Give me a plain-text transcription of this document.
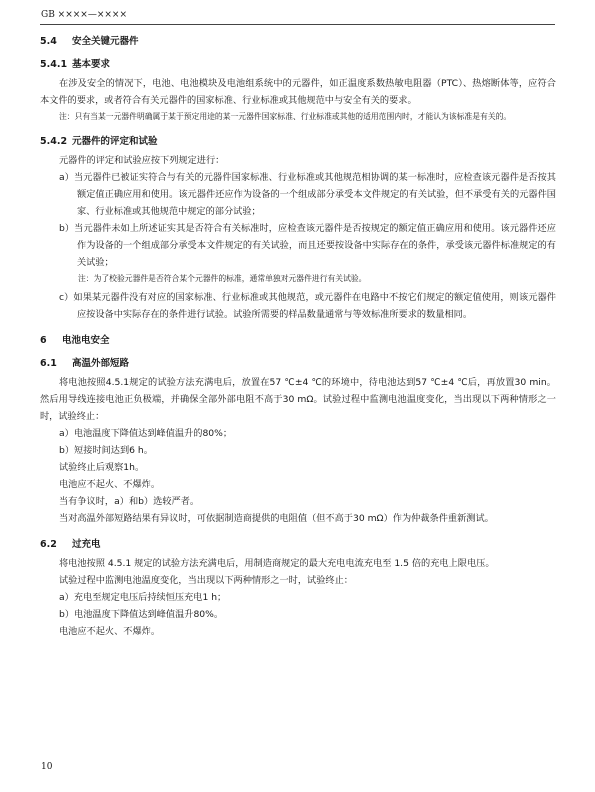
GB ××××—××××
5.4 安全关键元器件
5.4.1 基本要求

在涉及安全的情况下，电池、电池模块及电池组系统中的元器件，如正温度系数热敏电阻器（PTC）、热熔断体等，应符合本文件的要求，或者符合有关元器件的国家标准、行业标准或其他规范中与安全有关的要求。

注：只有当某一元器件明确属于某于预定用途的某一元器件国家标准、行业标准或其他的适用范围内时，才能认为该标准是有关的。
5.4.2 元器件的评定和试验

元器件的评定和试验应按下列规定进行：

a）当元器件已被证实符合与有关的元器件国家标准、行业标准或其他规范相协调的某一标准时，应检查该元器件是否按其额定值正确应用和使用。该元器件还应作为设备的一个组成部分承受本文件规定的有关试验，但不承受有关的元器件国家、行业标准或其他规范中规定的部分试验；
b）当元器件未如上所述证实其是否符合有关标准时，应检查该元器件是否按规定的额定值正确应用和使用。该元器件还应作为设备的一个组成部分承受本文件规定的有关试验，而且还要按设备中实际存在的条件，承受该元器件标准规定的有关试验；
注：为了校验元器件是否符合某个元器件的标准，通常单独对元器件进行有关试验。
c）如果某元器件没有对应的国家标准、行业标准或其他规范，或元器件在电路中不按它们规定的额定值使用，则该元器件应按设备中实际存在的条件进行试验。试验所需要的样品数量通常与等效标准所要求的数量相同。
6 电池电安全
6.1 高温外部短路

将电池按照4.5.1规定的试验方法充满电后，放置在57 ℃±4 ℃的环境中，待电池达到57 ℃±4 ℃后，再放置30 min。然后用导线连接电池正负极端，并确保全部外部电阻不高于30 mΩ。试验过程中监测电池温度变化，当出现以下两种情形之一时，试验终止：

a）电池温度下降值达到峰值温升的80%；
b）短接时间达到6 h。
试验终止后观察1h。
电池应不起火、不爆炸。
当有争议时，a）和b）选较严者。

当对高温外部短路结果有异议时，可依据制造商提供的电阻值（但不高于30 mΩ）作为仲裁条件重新测试。

6.2 过充电

将电池按照 4.5.1 规定的试验方法充满电后，用制造商规定的最大充电电流充电至 1.5 倍的充电上限电压。

试验过程中监测电池温度变化，当出现以下两种情形之一时，试验终止：
a）充电至规定电压后持续恒压充电1 h；
b）电池温度下降值达到峰值温升80%。
电池应不起火、不爆炸。
10
